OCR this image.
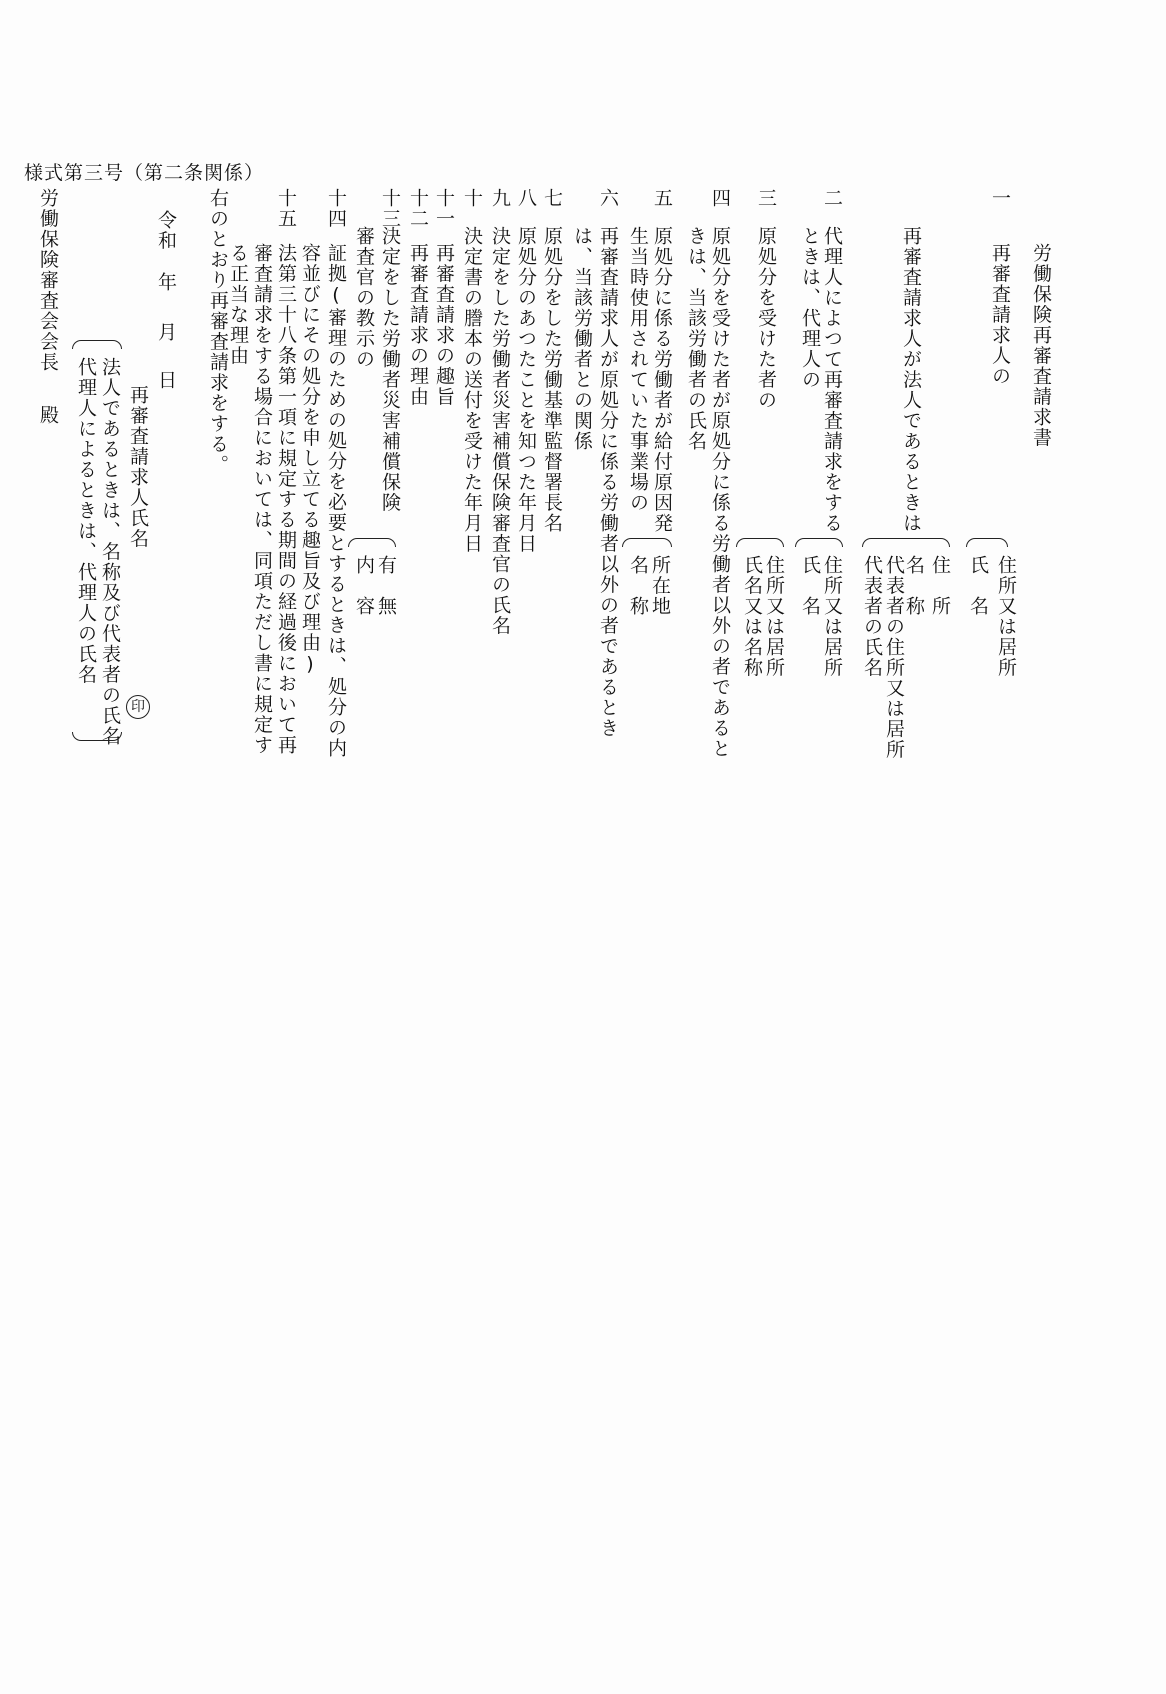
様式第三号（第二条関係）
労働保険再審査請求書
一
再審査請求人の
住所又は居所
氏　名
再審査請求人が法人であるときは
住　所
名　称
代表者の住所又は居所
代表者の氏名
二
代理人によつて再審査請求をする
ときは、代理人の
住所又は居所
氏　名
三
原処分を受けた者の
住所又は居所
氏名又は名称
四
原処分を受けた者が原処分に係る労働者以外の者であると
きは、当該労働者の氏名
五
原処分に係る労働者が給付原因発
生当時使用されていた事業場の
所在地
名　称
六
再審査請求人が原処分に係る労働者以外の者であるとき
は、当該労働者との関係
七
原処分をした労働基準監督署長名
八
原処分のあつたことを知つた年月日
九
決定をした労働者災害補償保険審査官の氏名
十
決定書の謄本の送付を受けた年月日
十一
再審査請求の趣旨
十二
再審査請求の理由
十三
決定をした労働者災害補償保険
審査官の教示の
有　無
内　容
十四
証拠(審理のための処分を必要とするときは、処分の内
容並びにその処分を申し立てる趣旨及び理由)
十五
法第三十八条第一項に規定する期間の経過後において再
審査請求をする場合においては、同項ただし書に規定す
る正当な理由
右のとおり再審査請求をする。
令和
年
月
日
再審査請求人氏名
印
法人であるときは、名称及び代表者の氏名
代理人によるときは、代理人の氏名
労働保険審査会会長
殿
